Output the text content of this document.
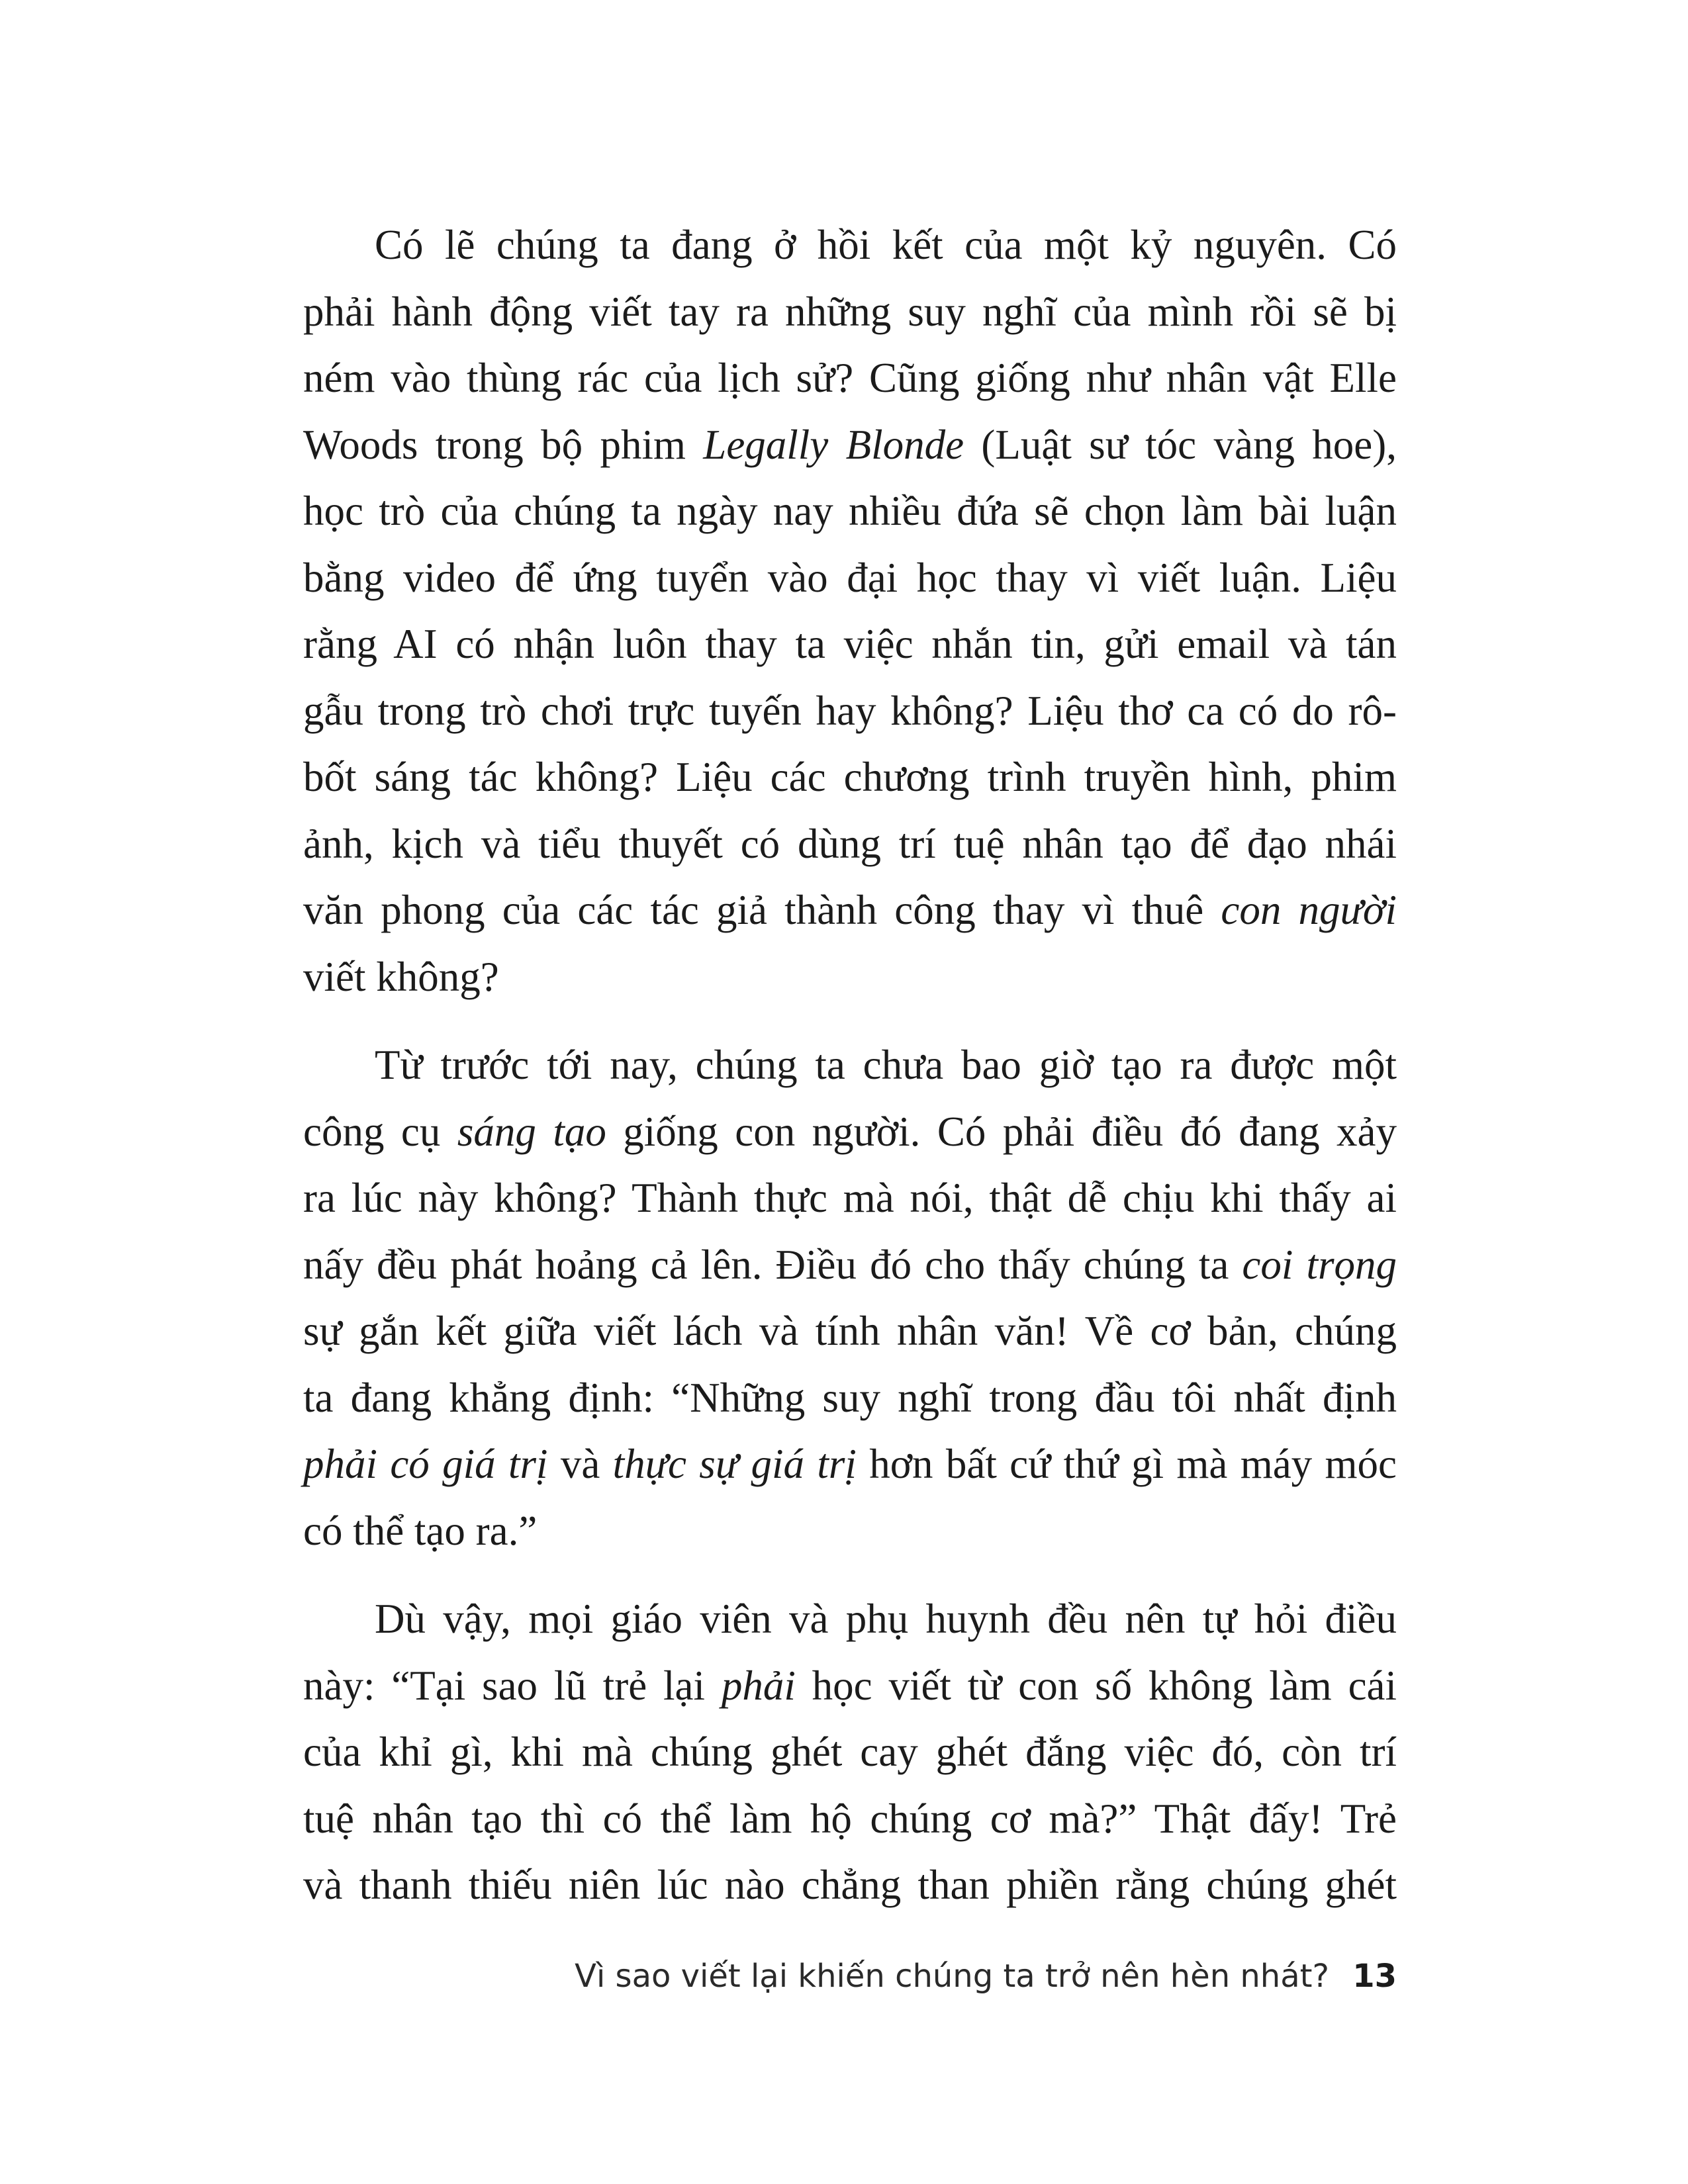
Có lẽ chúng ta đang ở hồi kết của một kỷ nguyên. Có
phải hành động viết tay ra những suy nghĩ của mình rồi sẽ bị
ném vào thùng rác của lịch sử? Cũng giống như nhân vật Elle
Woods trong bộ phim Legally Blonde (Luật sư tóc vàng hoe),
học trò của chúng ta ngày nay nhiều đứa sẽ chọn làm bài luận
bằng video để ứng tuyển vào đại học thay vì viết luận. Liệu
rằng AI có nhận luôn thay ta việc nhắn tin, gửi email và tán
gẫu trong trò chơi trực tuyến hay không? Liệu thơ ca có do rô-
bốt sáng tác không? Liệu các chương trình truyền hình, phim
ảnh, kịch và tiểu thuyết có dùng trí tuệ nhân tạo để đạo nhái
văn phong của các tác giả thành công thay vì thuê con người
viết không?
Từ trước tới nay, chúng ta chưa bao giờ tạo ra được một
công cụ sáng tạo giống con người. Có phải điều đó đang xảy
ra lúc này không? Thành thực mà nói, thật dễ chịu khi thấy ai
nấy đều phát hoảng cả lên. Điều đó cho thấy chúng ta coi trọng
sự gắn kết giữa viết lách và tính nhân văn! Về cơ bản, chúng
ta đang khẳng định: “Những suy nghĩ trong đầu tôi nhất định
phải có giá trị và thực sự giá trị hơn bất cứ thứ gì mà máy móc
có thể tạo ra.”
Dù vậy, mọi giáo viên và phụ huynh đều nên tự hỏi điều
này: “Tại sao lũ trẻ lại phải học viết từ con số không làm cái
của khỉ gì, khi mà chúng ghét cay ghét đắng việc đó, còn trí
tuệ nhân tạo thì có thể làm hộ chúng cơ mà?” Thật đấy! Trẻ
và thanh thiếu niên lúc nào chẳng than phiền rằng chúng ghét
Vì sao viết lại khiến chúng ta trở nên hèn nhát? 13
